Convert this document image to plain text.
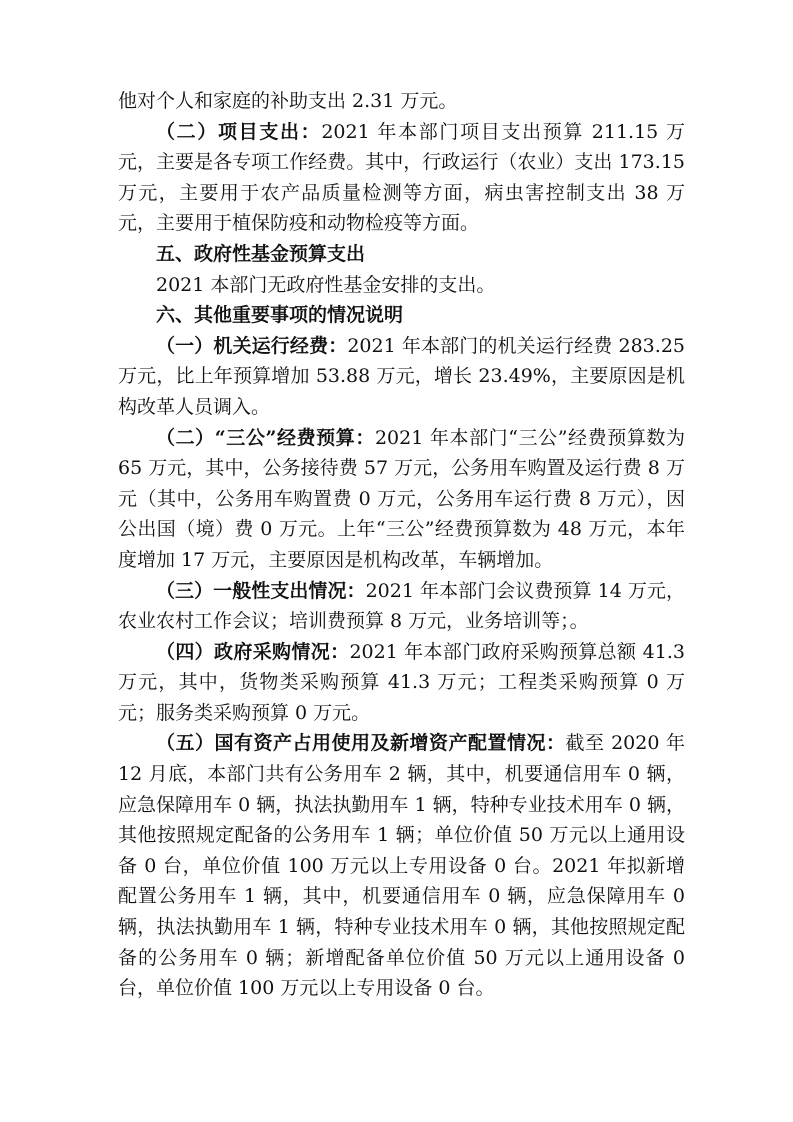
他对个人和家庭的补助支出 2.31 万元。

（二）项目支出：2021 年本部门项目支出预算 211.15 万元，主要是各专项工作经费。其中，行政运行（农业）支出 173.15 万元，主要用于农产品质量检测等方面，病虫害控制支出 38 万元，主要用于植保防疫和动物检疫等方面。

五、政府性基金预算支出

2021 本部门无政府性基金安排的支出。

六、其他重要事项的情况说明

（一）机关运行经费：2021 年本部门的机关运行经费 283.25 万元，比上年预算增加 53.88 万元，增长 23.49%，主要原因是机构改革人员调入。

（二）“三公”经费预算：2021 年本部门“三公”经费预算数为 65 万元，其中，公务接待费 57 万元，公务用车购置及运行费 8 万元（其中，公务用车购置费 0 万元，公务用车运行费 8 万元），因公出国（境）费 0 万元。上年“三公”经费预算数为 48 万元，本年度增加 17 万元，主要原因是机构改革，车辆增加。

（三）一般性支出情况：2021 年本部门会议费预算 14 万元，农业农村工作会议；培训费预算 8 万元，业务培训等；。

（四）政府采购情况：2021 年本部门政府采购预算总额 41.3 万元，其中，货物类采购预算 41.3 万元；工程类采购预算 0 万元；服务类采购预算 0 万元。

（五）国有资产占用使用及新增资产配置情况：截至 2020 年 12 月底，本部门共有公务用车 2 辆，其中，机要通信用车 0 辆，应急保障用车 0 辆，执法执勤用车 1 辆，特种专业技术用车 0 辆，其他按照规定配备的公务用车 1 辆；单位价值 50 万元以上通用设备 0 台，单位价值 100 万元以上专用设备 0 台。2021 年拟新增配置公务用车 1 辆，其中，机要通信用车 0 辆，应急保障用车 0 辆，执法执勤用车 1 辆，特种专业技术用车 0 辆，其他按照规定配备的公务用车 0 辆；新增配备单位价值 50 万元以上通用设备 0 台，单位价值 100 万元以上专用设备 0 台。
